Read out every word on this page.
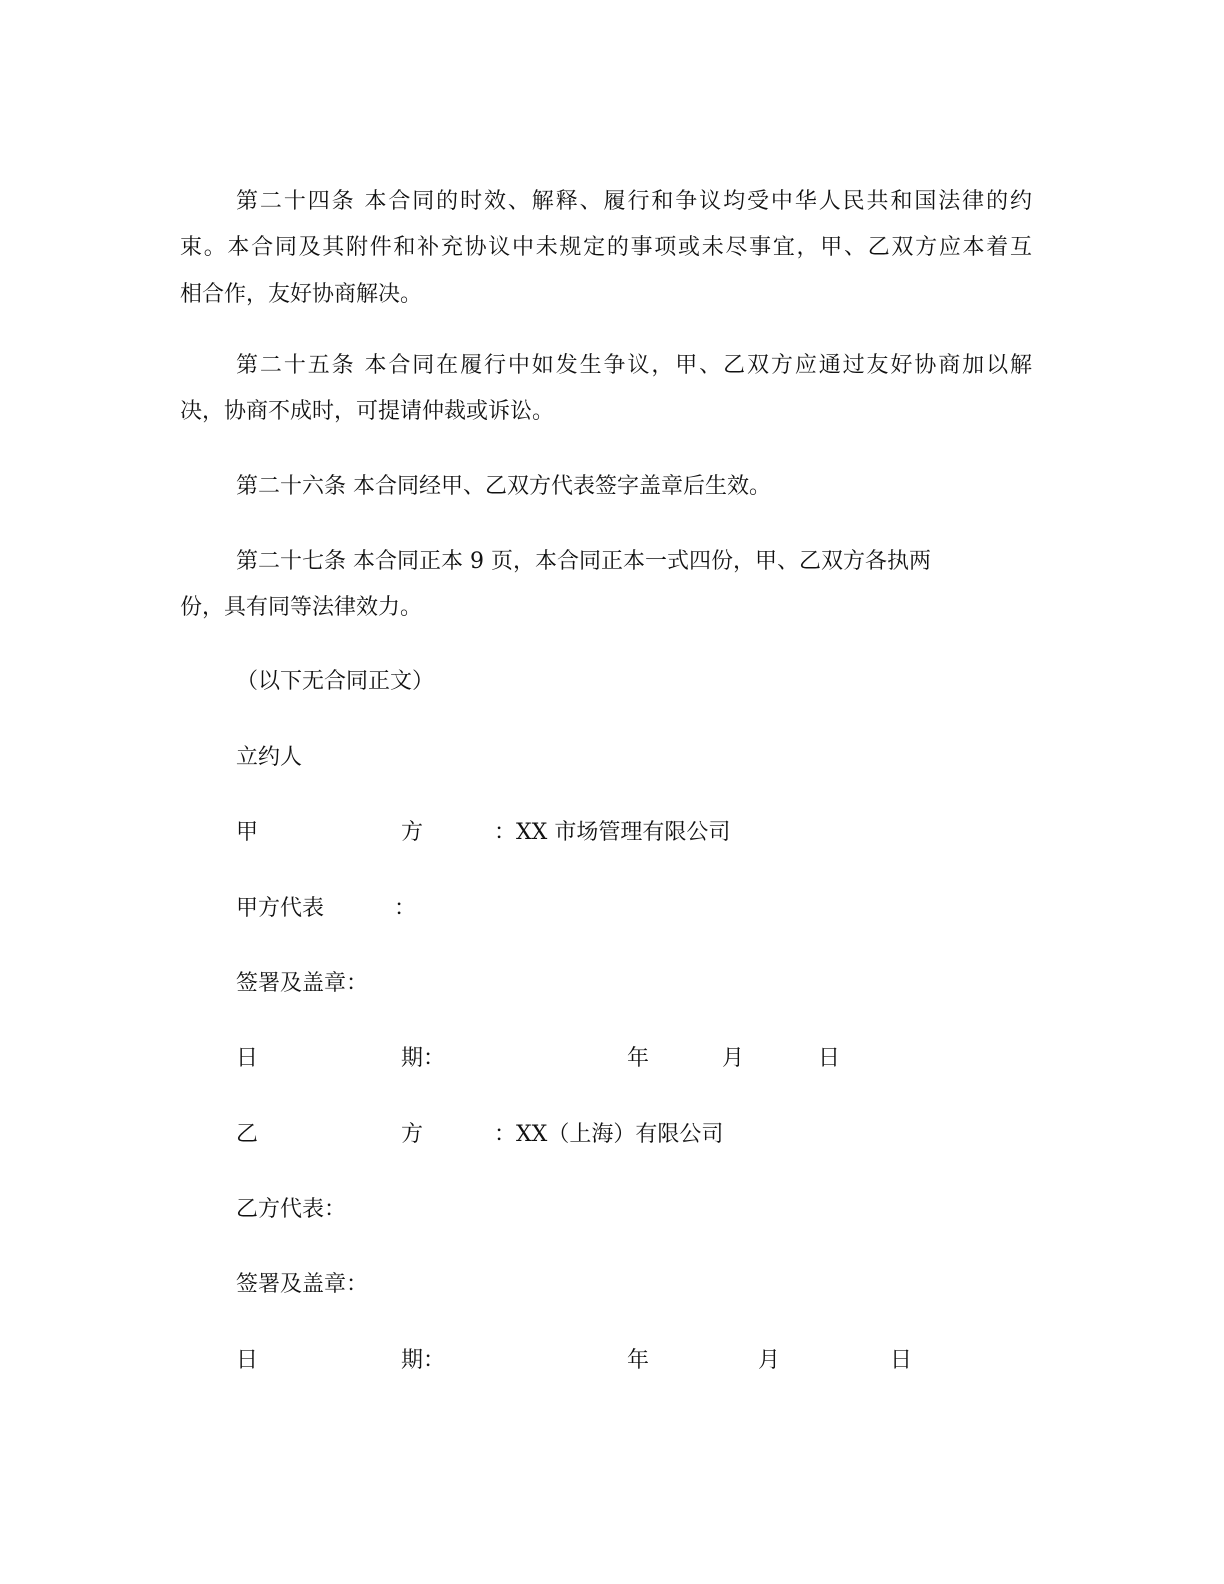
第二十四条 本合同的时效、解释、履行和争议均受中华人民共和国法律的约
束。本合同及其附件和补充协议中未规定的事项或未尽事宜，甲、乙双方应本着互
相合作，友好协商解决。
第二十五条 本合同在履行中如发生争议，甲、乙双方应通过友好协商加以解
决，协商不成时，可提请仲裁或诉讼。
第二十六条 本合同经甲、乙双方代表签字盖章后生效。
第二十七条 本合同正本 9 页，本合同正本一式四份，甲、乙双方各执两
份，具有同等法律效力。
（以下无合同正文）
立约人
甲	方	：XX 市场管理有限公司
甲方代表	：
签署及盖章：
日	期：	年	月	日
乙	方	：XX（上海）有限公司
乙方代表：
签署及盖章：
日	期：	年	月	日
